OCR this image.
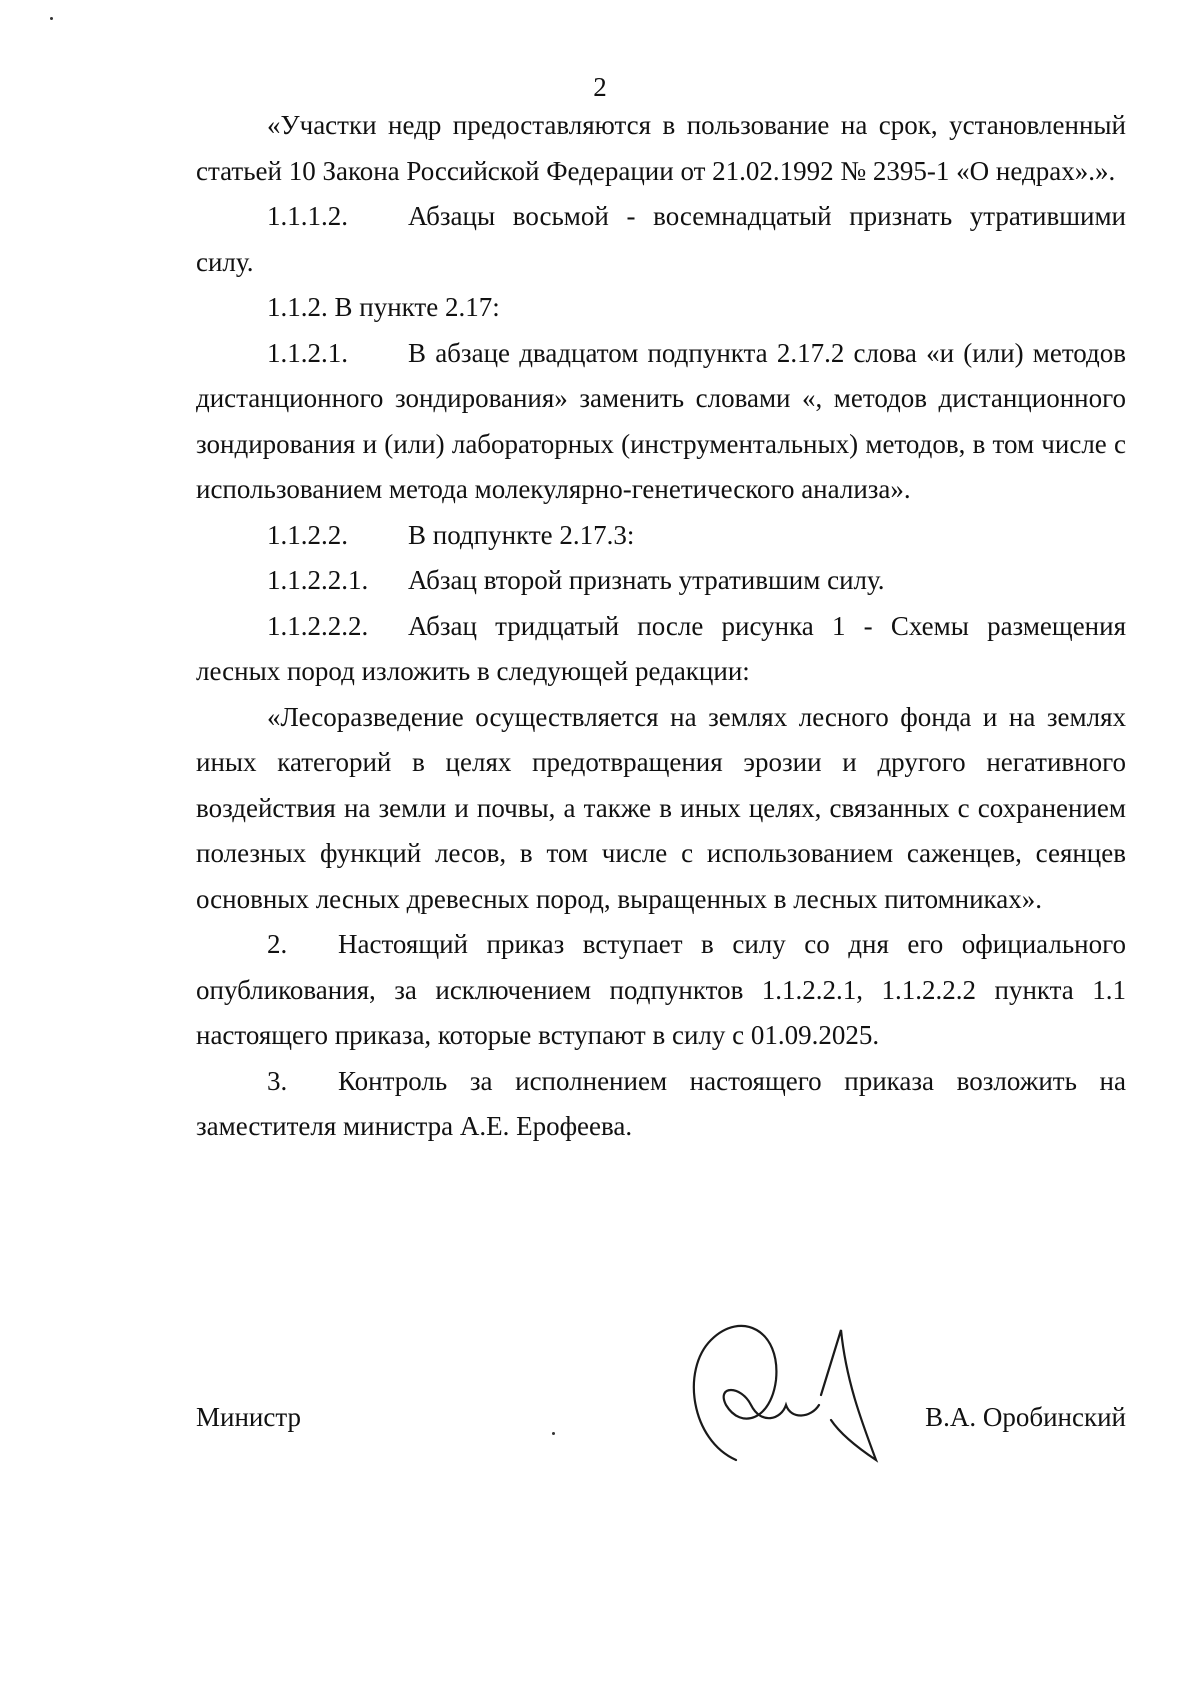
2

«Участки недр предоставляются в пользование на срок, установленный статьей 10 Закона Российской Федерации от 21.02.1992 № 2395-1 «О недрах».».

1.1.1.2. Абзацы восьмой - восемнадцатый признать утратившими силу.

1.1.2. В пункте 2.17:

1.1.2.1. В абзаце двадцатом подпункта 2.17.2 слова «и (или) методов дистанционного зондирования» заменить словами «, методов дистанционного зондирования и (или) лабораторных (инструментальных) методов, в том числе с использованием метода молекулярно-генетического анализа».

1.1.2.2. В подпункте 2.17.3:

1.1.2.2.1. Абзац второй признать утратившим силу.

1.1.2.2.2. Абзац тридцатый после рисунка 1 - Схемы размещения лесных пород изложить в следующей редакции:

«Лесоразведение осуществляется на землях лесного фонда и на землях иных категорий в целях предотвращения эрозии и другого негативного воздействия на земли и почвы, а также в иных целях, связанных с сохранением полезных функций лесов, в том числе с использованием саженцев, сеянцев основных лесных древесных пород, выращенных в лесных питомниках».

2. Настоящий приказ вступает в силу со дня его официального опубликования, за исключением подпунктов 1.1.2.2.1, 1.1.2.2.2 пункта 1.1 настоящего приказа, которые вступают в силу с 01.09.2025.

3. Контроль за исполнением настоящего приказа возложить на заместителя министра А.Е. Ерофеева.

Министр	В.А. Оробинский
